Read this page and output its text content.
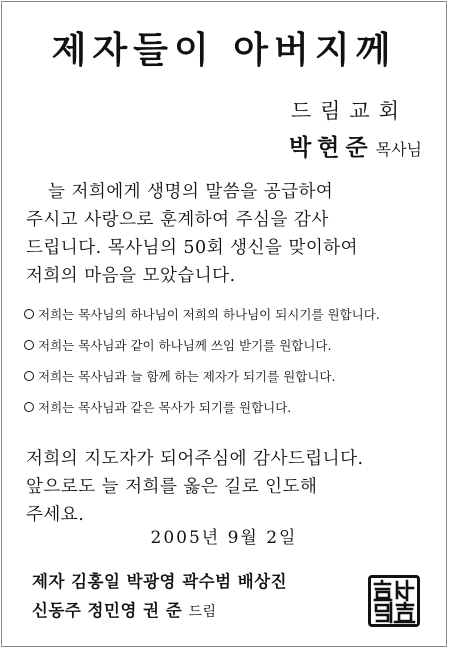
제자들이 아버지께
드림교회
박현준 목사님
늘 저희에게 생명의 말씀을 공급하여
주시고 사랑으로 훈계하여 주심을 감사
드립니다. 목사님의 50회 생신을 맞이하여
저희의 마음을 모았습니다.
저희는 목사님의 하나님이 저희의 하나님이 되시기를 원합니다.
저희는 목사님과 같이 하나님께 쓰임 받기를 원합니다.
저희는 목사님과 늘 함께 하는 제자가 되기를 원합니다.
저희는 목사님과 같은 목사가 되기를 원합니다.
저희의 지도자가 되어주심에 감사드립니다.
앞으로도 늘 저희를 옳은 길로 인도해
주세요.
2005년 9월 2일
제자 김홍일 박광영 곽수범 배상진
신동주 정민영 권 준 드림
